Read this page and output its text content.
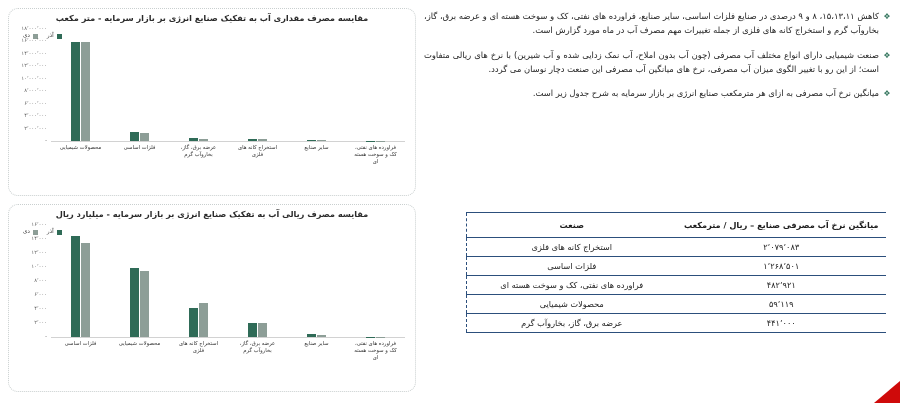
مقایسه مصرف مقداری آب به تفکیک صنایع انرژی بر بازار سرمایه - متر مکعب
آذر
دی
۱۸٬۰۰۰٬۰۰۰
۱۶٬۰۰۰٬۰۰۰
۱۴٬۰۰۰٬۰۰۰
۱۲٬۰۰۰٬۰۰۰
۱۰٬۰۰۰٬۰۰۰
۸٬۰۰۰٬۰۰۰
۶٬۰۰۰٬۰۰۰
۴٬۰۰۰٬۰۰۰
۲٬۰۰۰٬۰۰۰
-
محصولات شیمیایی	فلزات اساسی	عرضه برق، گاز، بخاروآب گرم
استخراج کانه های فلزی
سایر صنایع	فراورده های نفتی، کک و سوخت هسته ای
مقایسه مصرف ریالی آب به تفکیک صنایع انرژی بر بازار سرمایه - میلیارد ریال
آذر
دی
۱۶٬۰۰۰
۱۴٬۰۰۰
۱۲٬۰۰۰
۱۰٬۰۰۰
۸٬۰۰۰
۶٬۰۰۰
۴٬۰۰۰
۲٬۰۰۰
-
فلزات اساسی	محصولات شیمیایی	استخراج کانه های فلزی
عرضه برق، گاز، بخاروآب گرم
سایر صنایع	فراورده های نفتی، کک و سوخت هسته ای
❖
کاهش ۱۵،۱۳،۱۱، ۸ و ۹ درصدی در صنایع فلزات اساسی، سایر صنایع، فراورده های نفتی، کک و سوخت هسته ای و عرضه برق، گاز، بخاروآب گرم و استخراج کانه های فلزی از جمله تغییرات مهم مصرف آب در ماه مورد گزارش است.
❖
صنعت شیمیایی دارای انواع مختلف آب مصرفی (چون آب بدون املاح، آب نمک زدایی شده و آب شیرین) با نرخ های ریالی متفاوت است؛ از این رو با تغییر الگوی میزان آب مصرفی، نرخ های میانگین آب مصرفی این صنعت دچار نوسان می گردد.
❖
میانگین نرخ آب مصرفی به ازای هر مترمکعب صنایع انرژی بر بازار سرمایه به شرح جدول زیر است.
میانگین نرخ آب مصرفی صنایع – ریال / مترمکعب	صنعت
۲٬۰۷۹٬۰۸۳	استخراج کانه های فلزی
۱٬۲۶۸٬۵۰۱	فلزات اساسی
۴۸۲٬۹۲۱	فراورده های نفتی، کک و سوخت هسته ای
۵۹٬۱۱۹	محصولات شیمیایی
۴۴۱٬۰۰۰	عرضه برق، گاز، بخاروآب گرم
